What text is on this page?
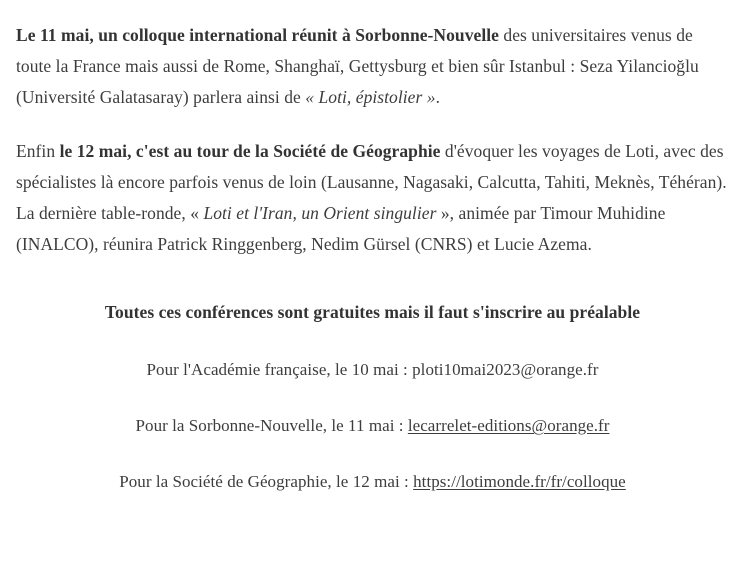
Le 11 mai, un colloque international réunit à Sorbonne-Nouvelle des universitaires venus de toute la France mais aussi de Rome, Shanghaï, Gettysburg et bien sûr Istanbul : Seza Yilancioğlu (Université Galatasaray) parlera ainsi de « Loti, épistolier ».

Enfin le 12 mai, c'est au tour de la Société de Géographie d'évoquer les voyages de Loti, avec des spécialistes là encore parfois venus de loin (Lausanne, Nagasaki, Calcutta, Tahiti, Meknès, Téhéran). La dernière table-ronde, « Loti et l'Iran, un Orient singulier », animée par Timour Muhidine (INALCO), réunira Patrick Ringgenberg, Nedim Gürsel (CNRS) et Lucie Azema.

Toutes ces conférences sont gratuites mais il faut s'inscrire au préalable

Pour l'Académie française, le 10 mai : ploti10mai2023@orange.fr

Pour la Sorbonne-Nouvelle, le 11 mai : lecarrelet-editions@orange.fr

Pour la Société de Géographie, le 12 mai : https://lotimonde.fr/fr/colloque
